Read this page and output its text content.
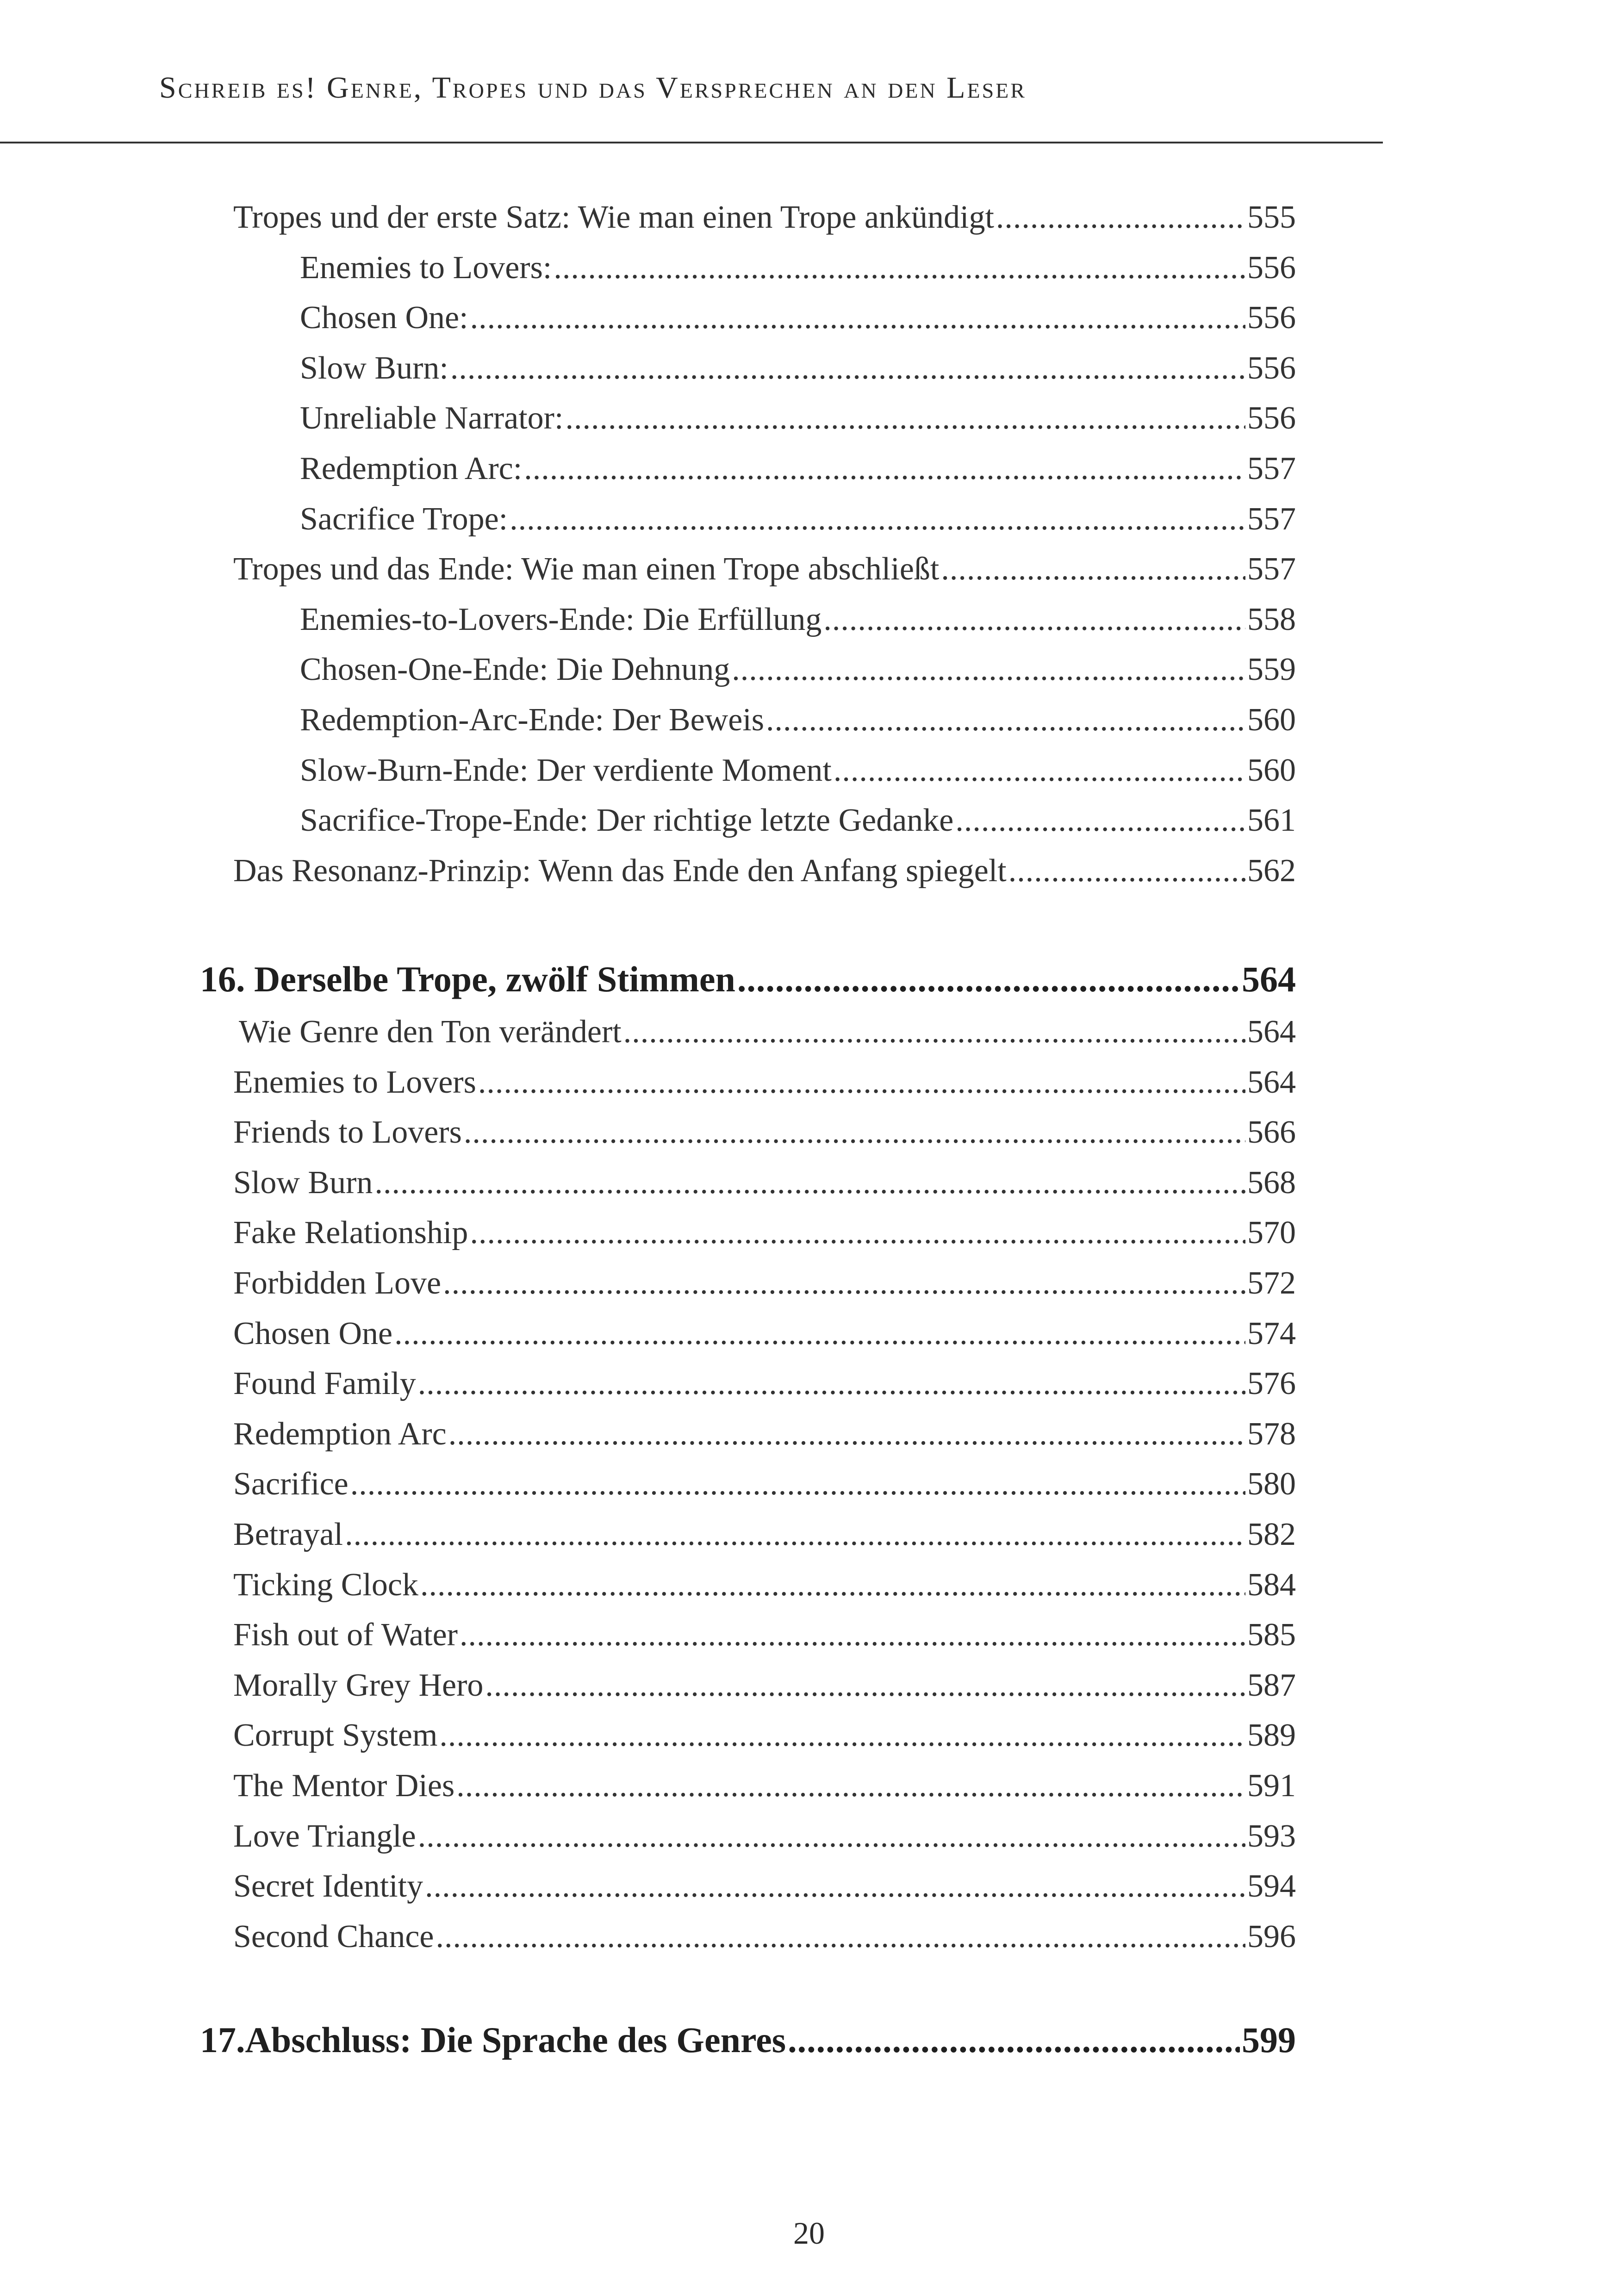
Schreib es! Genre, Tropes und das Versprechen an den Leser
Tropes und der erste Satz: Wie man einen Trope ankündigt .....	555
Enemies to Lovers: .....	556
Chosen One: .....	556
Slow Burn: .....	556
Unreliable Narrator: .....	556
Redemption Arc: .....	557
Sacrifice Trope: .....	557
Tropes und das Ende: Wie man einen Trope abschließt .....	557
Enemies-to-Lovers-Ende: Die Erfüllung .....	558
Chosen-One-Ende: Die Dehnung .....	559
Redemption-Arc-Ende: Der Beweis .....	560
Slow-Burn-Ende: Der verdiente Moment .....	560
Sacrifice-Trope-Ende: Der richtige letzte Gedanke .....	561
Das Resonanz-Prinzip: Wenn das Ende den Anfang spiegelt .....	562
16. Derselbe Trope, zwölf Stimmen .....	564
Wie Genre den Ton verändert .....	564
Enemies to Lovers .....	564
Friends to Lovers .....	566
Slow Burn .....	568
Fake Relationship .....	570
Forbidden Love .....	572
Chosen One .....	574
Found Family .....	576
Redemption Arc .....	578
Sacrifice .....	580
Betrayal .....	582
Ticking Clock .....	584
Fish out of Water .....	585
Morally Grey Hero .....	587
Corrupt System .....	589
The Mentor Dies .....	591
Love Triangle .....	593
Secret Identity .....	594
Second Chance .....	596
17.Abschluss: Die Sprache des Genres .....	599
20
